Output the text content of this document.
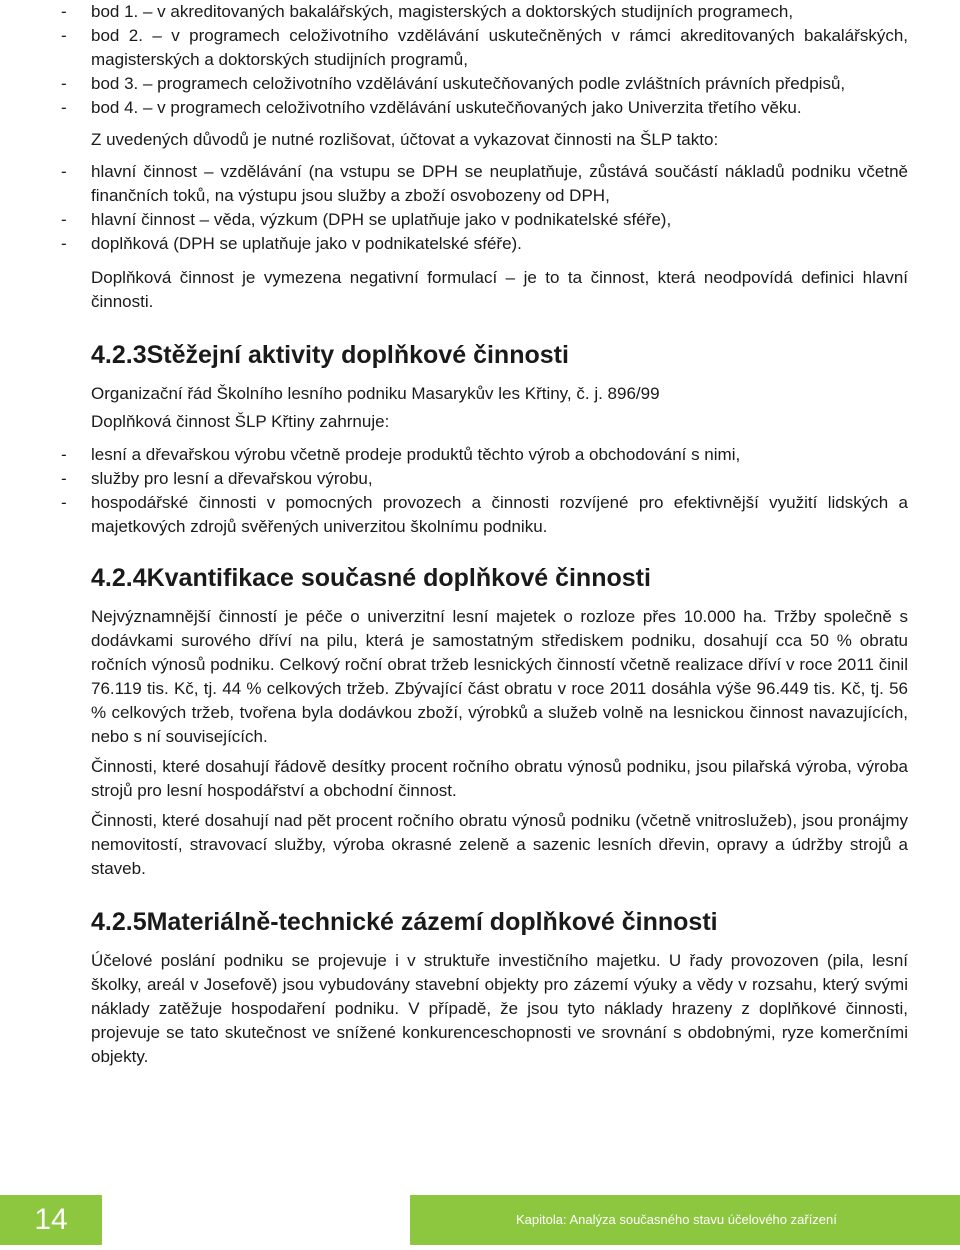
- bod 1. – v akreditovaných bakalářských, magisterských a doktorských studijních programech,
- bod 2. – v programech celoživotního vzdělávání uskutečněných v rámci akreditovaných bakalářských, magisterských a doktorských studijních programů,
- bod 3. – programech celoživotního vzdělávání uskutečňovaných podle zvláštních právních předpisů,
- bod 4. – v programech celoživotního vzdělávání uskutečňovaných jako Univerzita třetího věku.

Z uvedených důvodů je nutné rozlišovat, účtovat a vykazovat činnosti na ŠLP takto:

- hlavní činnost – vzdělávání (na vstupu se DPH se neuplatňuje, zůstává součástí nákladů podniku včetně finančních toků, na výstupu jsou služby a zboží osvobozeny od DPH,
- hlavní činnost – věda, výzkum (DPH se uplatňuje jako v podnikatelské sféře),
- doplňková (DPH se uplatňuje jako v podnikatelské sféře).

Doplňková činnost je vymezena negativní formulací – je to ta činnost, která neodpovídá definici hlavní činnosti.

4.2.3Stěžejní aktivity doplňkové činnosti

Organizační řád Školního lesního podniku Masarykův les Křtiny, č. j. 896/99

Doplňková činnost ŠLP Křtiny zahrnuje:

- lesní a dřevařskou výrobu včetně prodeje produktů těchto výrob a obchodování s nimi,
- služby pro lesní a dřevařskou výrobu,
- hospodářské činnosti v pomocných provozech a činnosti rozvíjené pro efektivnější využití lidských a majetkových zdrojů svěřených univerzitou školnímu podniku.
4.2.4Kvantifikace současné doplňkové činnosti

Nejvýznamnější činností je péče o univerzitní lesní majetek o rozloze přes 10.000 ha. Tržby společně s dodávkami surového dříví na pilu, která je samostatným střediskem podniku, dosahují cca 50 % obratu ročních výnosů podniku. Celkový roční obrat tržeb lesnických činností včetně realizace dříví v roce 2011 činil 76.119 tis. Kč, tj. 44 % celkových tržeb. Zbývající část obratu v roce 2011 dosáhla výše 96.449 tis. Kč, tj. 56 % celkových tržeb, tvořena byla dodávkou zboží, výrobků a služeb volně na lesnickou činnost navazujících, nebo s ní souvisejících.

Činnosti, které dosahují řádově desítky procent ročního obratu výnosů podniku, jsou pilařská výroba, výroba strojů pro lesní hospodářství a obchodní činnost.

Činnosti, které dosahují nad pět procent ročního obratu výnosů podniku (včetně vnitroslužeb), jsou pronájmy nemovitostí, stravovací služby, výroba okrasné zeleně a sazenic lesních dřevin, opravy a údržby strojů a staveb.

4.2.5Materiálně-technické zázemí doplňkové činnosti

Účelové poslání podniku se projevuje i v struktuře investičního majetku. U řady provozoven (pila, lesní školky, areál v Josefově) jsou vybudovány stavební objekty pro zázemí výuky a vědy v rozsahu, který svými náklady zatěžuje hospodaření podniku. V případě, že jsou tyto náklady hrazeny z doplňkové činnosti, projevuje se tato skutečnost ve snížené konkurenceschopnosti ve srovnání s obdobnými, ryze komerčními objekty.

14	Kapitola: Analýza současného stavu účelového zařízení
